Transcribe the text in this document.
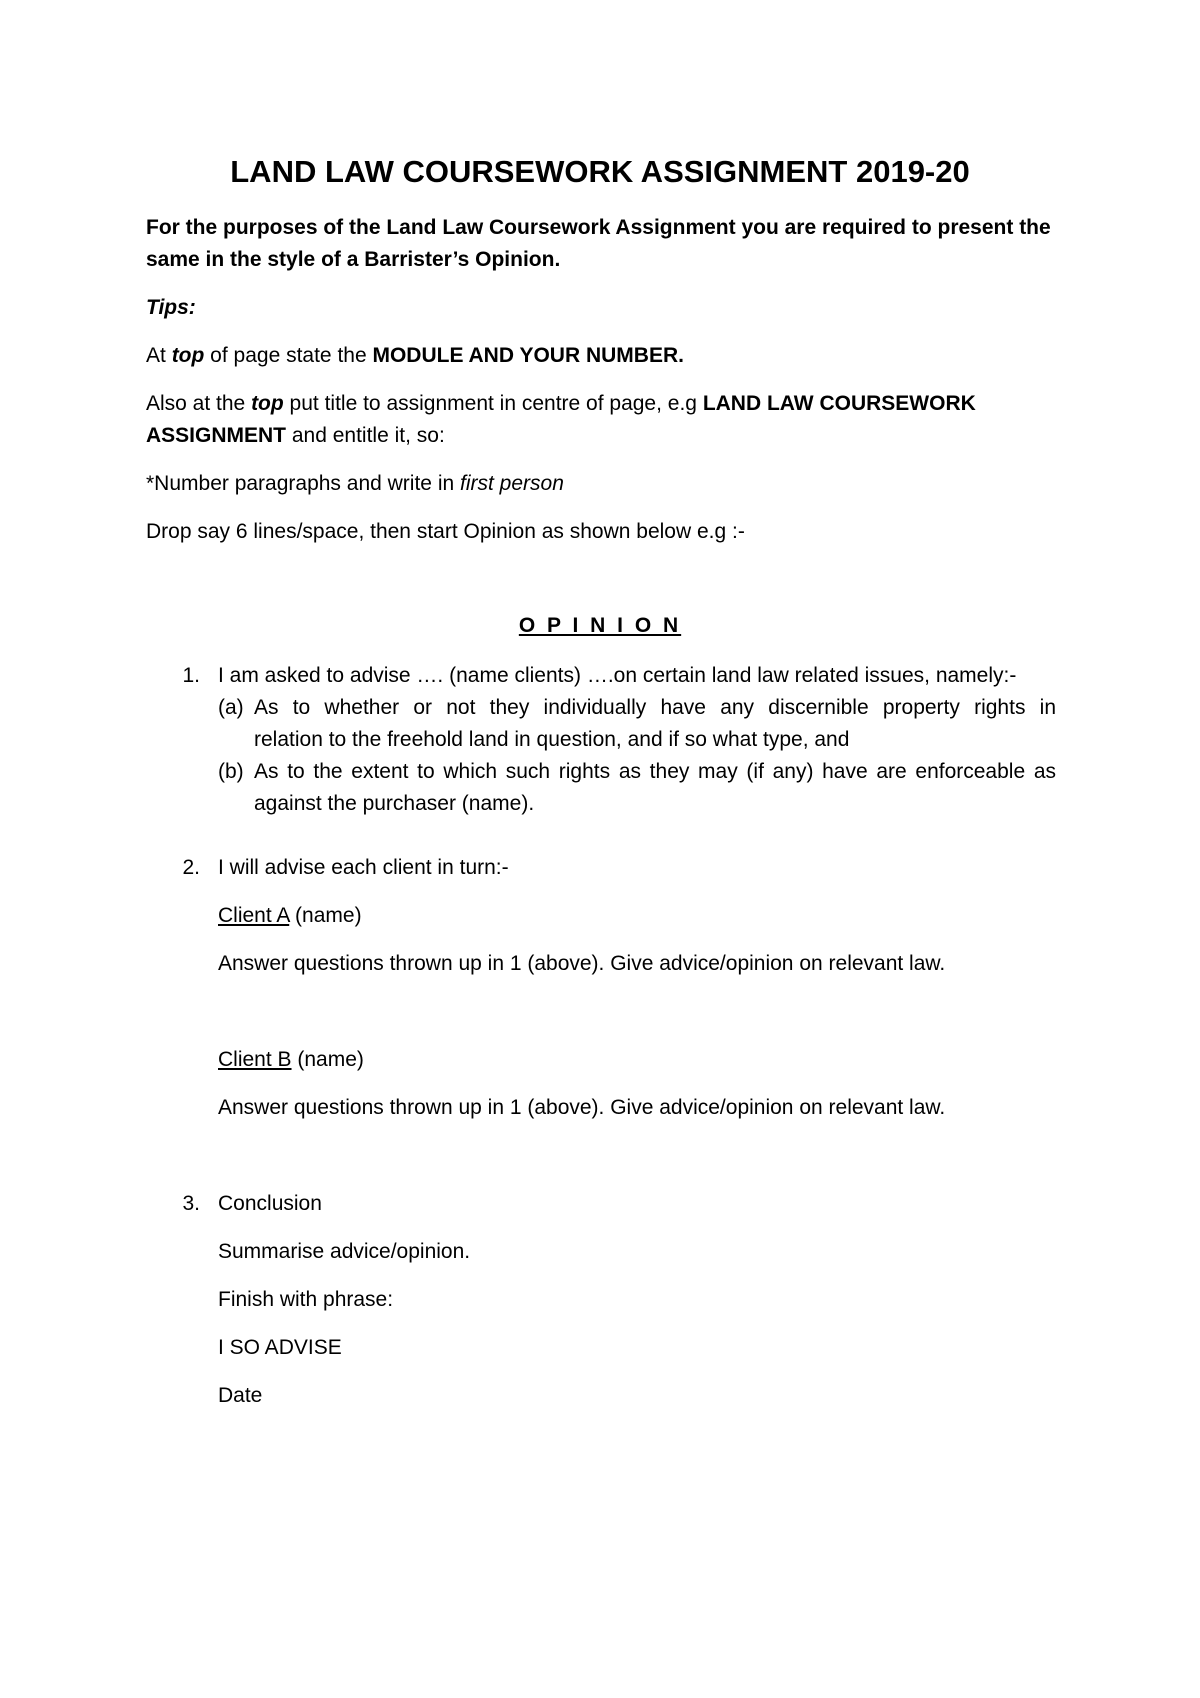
LAND LAW COURSEWORK ASSIGNMENT 2019-20
For the purposes of the Land Law Coursework Assignment you are required to present the
same in the style of a Barrister’s Opinion.
Tips:
At top of page state the MODULE AND YOUR NUMBER.
Also at the top put title to assignment in centre of page, e.g LAND LAW COURSEWORK
ASSIGNMENT and entitle it, so:
*Number paragraphs and write in first person
Drop say 6 lines/space, then start Opinion as shown below e.g :-
O P I N I O N
1. I am asked to advise …. (name clients) ….on certain land law related issues, namely:-
(a) As to whether or not they individually have any discernible property rights in
relation to the freehold land in question, and if so what type, and
(b) As to the extent to which such rights as they may (if any) have are enforceable as
against the purchaser (name).
2. I will advise each client in turn:-
Client A (name)
Answer questions thrown up in 1 (above). Give advice/opinion on relevant law.
Client B (name)
Answer questions thrown up in 1 (above). Give advice/opinion on relevant law.
3. Conclusion
Summarise advice/opinion.
Finish with phrase:
I SO ADVISE
Date
